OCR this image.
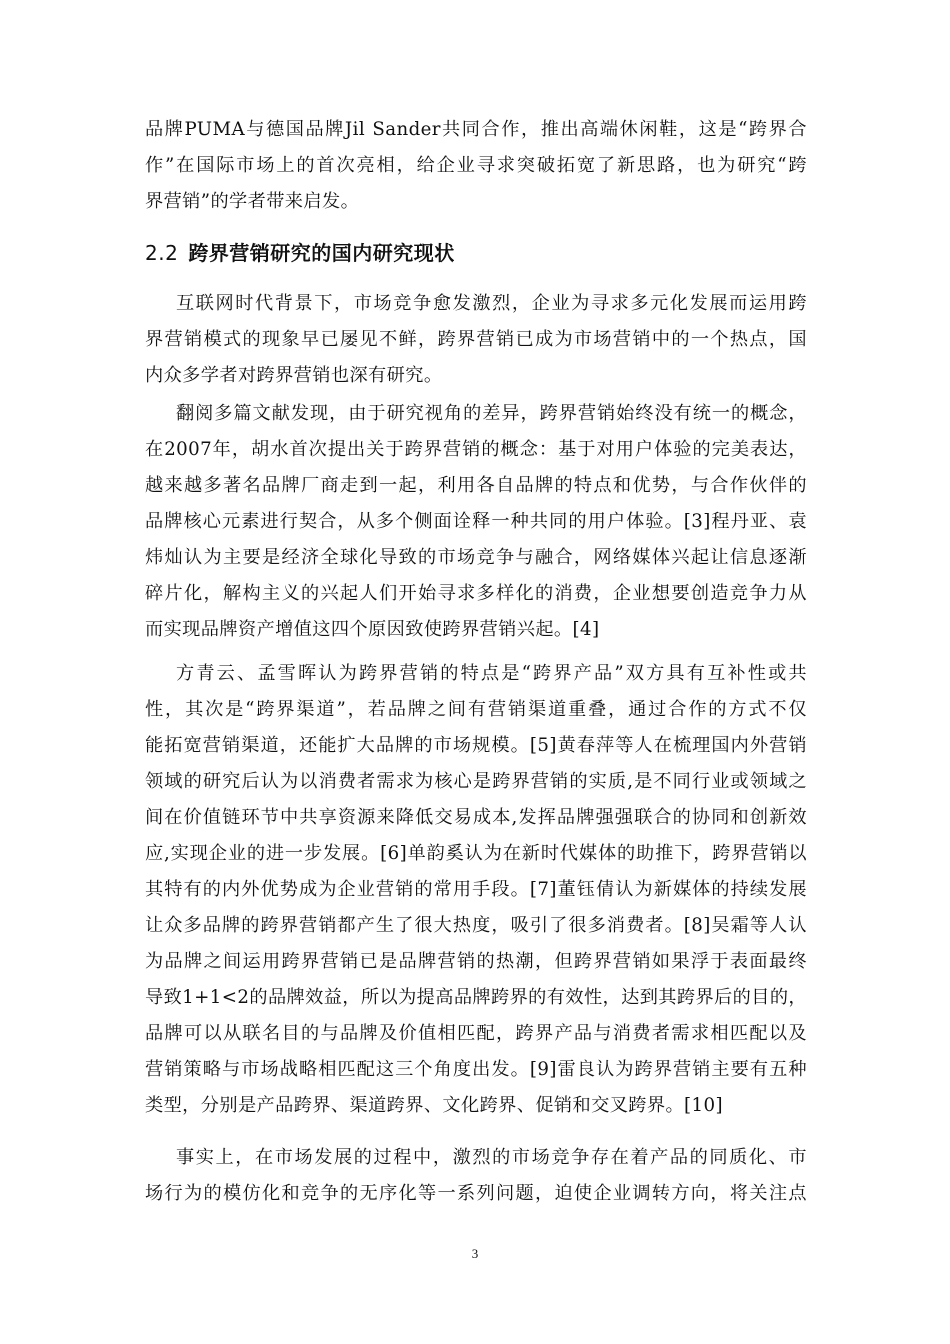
品牌PUMA与德国品牌Jil Sander共同合作，推出高端休闲鞋，这是“跨界合
作”在国际市场上的首次亮相，给企业寻求突破拓宽了新思路，也为研究“跨
界营销”的学者带来启发。
2.2 跨界营销研究的国内研究现状
互联网时代背景下，市场竞争愈发激烈，企业为寻求多元化发展而运用跨
界营销模式的现象早已屡见不鲜，跨界营销已成为市场营销中的一个热点，国
内众多学者对跨界营销也深有研究。
翻阅多篇文献发现，由于研究视角的差异，跨界营销始终没有统一的概念，
在2007年，胡水首次提出关于跨界营销的概念：基于对用户体验的完美表达，
越来越多著名品牌厂商走到一起，利用各自品牌的特点和优势，与合作伙伴的
品牌核心元素进行契合，从多个侧面诠释一种共同的用户体验。[3]程丹亚、袁
炜灿认为主要是经济全球化导致的市场竞争与融合，网络媒体兴起让信息逐渐
碎片化，解构主义的兴起人们开始寻求多样化的消费，企业想要创造竞争力从
而实现品牌资产增值这四个原因致使跨界营销兴起。[4]
方青云、孟雪晖认为跨界营销的特点是“跨界产品”双方具有互补性或共
性，其次是“跨界渠道”，若品牌之间有营销渠道重叠，通过合作的方式不仅
能拓宽营销渠道，还能扩大品牌的市场规模。[5]黄春萍等人在梳理国内外营销
领域的研究后认为以消费者需求为核心是跨界营销的实质,是不同行业或领域之
间在价值链环节中共享资源来降低交易成本,发挥品牌强强联合的协同和创新效
应,实现企业的进一步发展。[6]单韵奚认为在新时代媒体的助推下，跨界营销以
其特有的内外优势成为企业营销的常用手段。[7]董钰倩认为新媒体的持续发展
让众多品牌的跨界营销都产生了很大热度，吸引了很多消费者。[8]吴霜等人认
为品牌之间运用跨界营销已是品牌营销的热潮，但跨界营销如果浮于表面最终
导致1+1<2的品牌效益，所以为提高品牌跨界的有效性，达到其跨界后的目的，
品牌可以从联名目的与品牌及价值相匹配，跨界产品与消费者需求相匹配以及
营销策略与市场战略相匹配这三个角度出发。[9]雷良认为跨界营销主要有五种
类型，分别是产品跨界、渠道跨界、文化跨界、促销和交叉跨界。[10]
事实上，在市场发展的过程中，激烈的市场竞争存在着产品的同质化、市
场行为的模仿化和竞争的无序化等一系列问题，迫使企业调转方向，将关注点
3
